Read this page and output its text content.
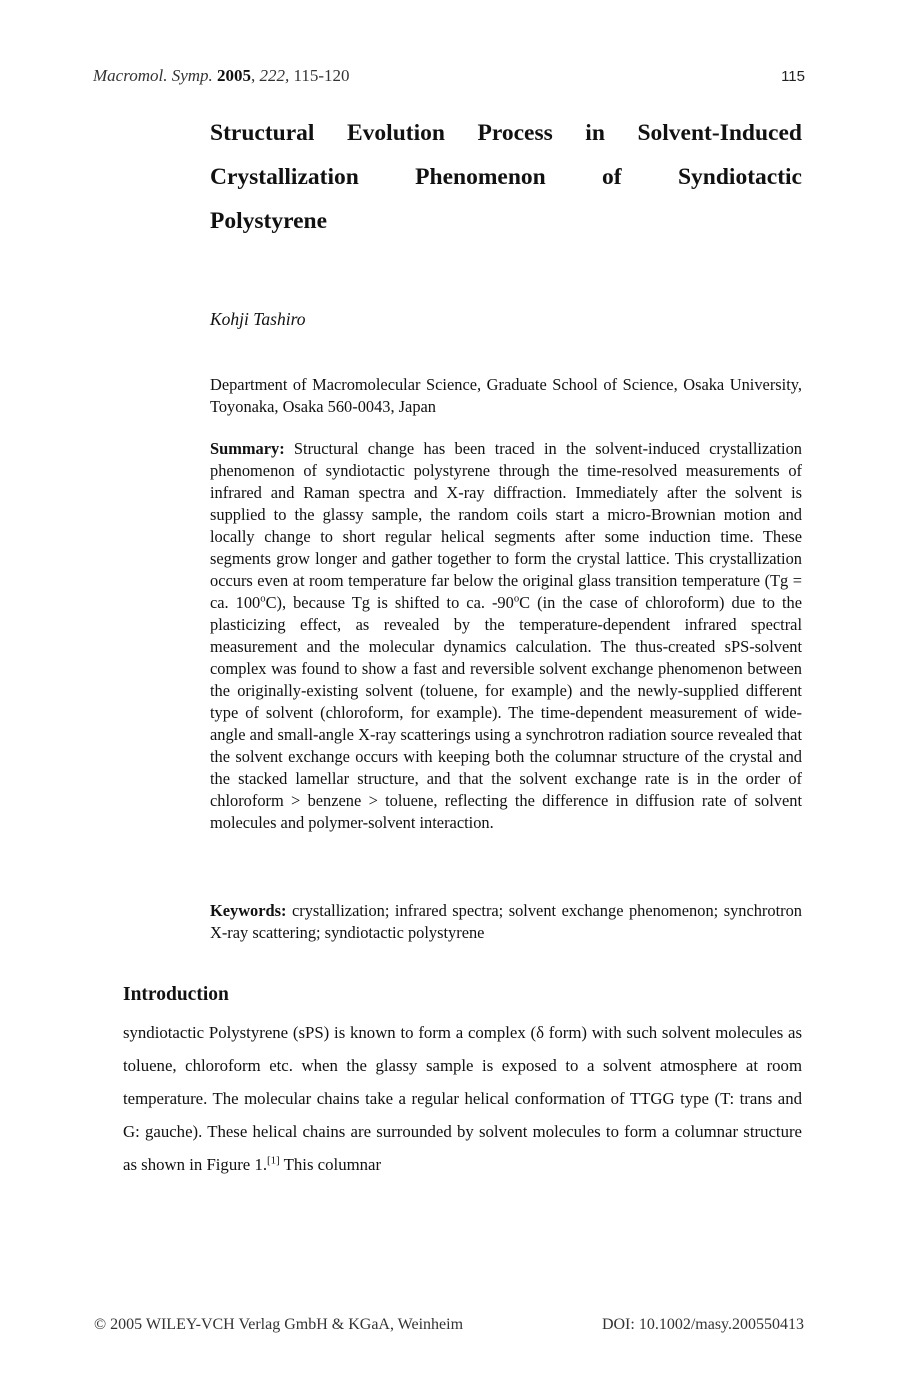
Macromol. Symp. 2005, 222, 115-120	115
Structural Evolution Process in Solvent-Induced
Crystallization Phenomenon of Syndiotactic
Polystyrene
Kohji Tashiro
Department of Macromolecular Science, Graduate School of Science, Osaka University, Toyonaka, Osaka 560-0043, Japan
Summary: Structural change has been traced in the solvent-induced crystallization phenomenon of syndiotactic polystyrene through the time-resolved measurements of infrared and Raman spectra and X-ray diffraction. Immediately after the solvent is supplied to the glassy sample, the random coils start a micro-Brownian motion and locally change to short regular helical segments after some induction time. These segments grow longer and gather together to form the crystal lattice. This crystallization occurs even at room temperature far below the original glass transition temperature (Tg = ca. 100$^o$C), because Tg is shifted to ca. -90$^o$C (in the case of chloroform) due to the plasticizing effect, as revealed by the temperature-dependent infrared spectral measurement and the molecular dynamics calculation. The thus-created sPS-solvent complex was found to show a fast and reversible solvent exchange phenomenon between the originally-existing solvent (toluene, for example) and the newly-supplied different type of solvent (chloroform, for example). The time-dependent measurement of wide-angle and small-angle X-ray scatterings using a synchrotron radiation source revealed that the solvent exchange occurs with keeping both the columnar structure of the crystal and the stacked lamellar structure, and that the solvent exchange rate is in the order of chloroform > benzene > toluene, reflecting the difference in diffusion rate of solvent molecules and polymer-solvent interaction.
Keywords: crystallization; infrared spectra; solvent exchange phenomenon; synchrotron X-ray scattering; syndiotactic polystyrene
Introduction
syndiotactic Polystyrene (sPS) is known to form a complex (δ form) with such solvent molecules as toluene, chloroform etc. when the glassy sample is exposed to a solvent atmosphere at room temperature. The molecular chains take a regular helical conformation of TTGG type (T: trans and G: gauche). These helical chains are surrounded by solvent molecules to form a columnar structure as shown in Figure 1.[1] This columnar
© 2005 WILEY-VCH Verlag GmbH & KGaA, Weinheim	DOI: 10.1002/masy.200550413
